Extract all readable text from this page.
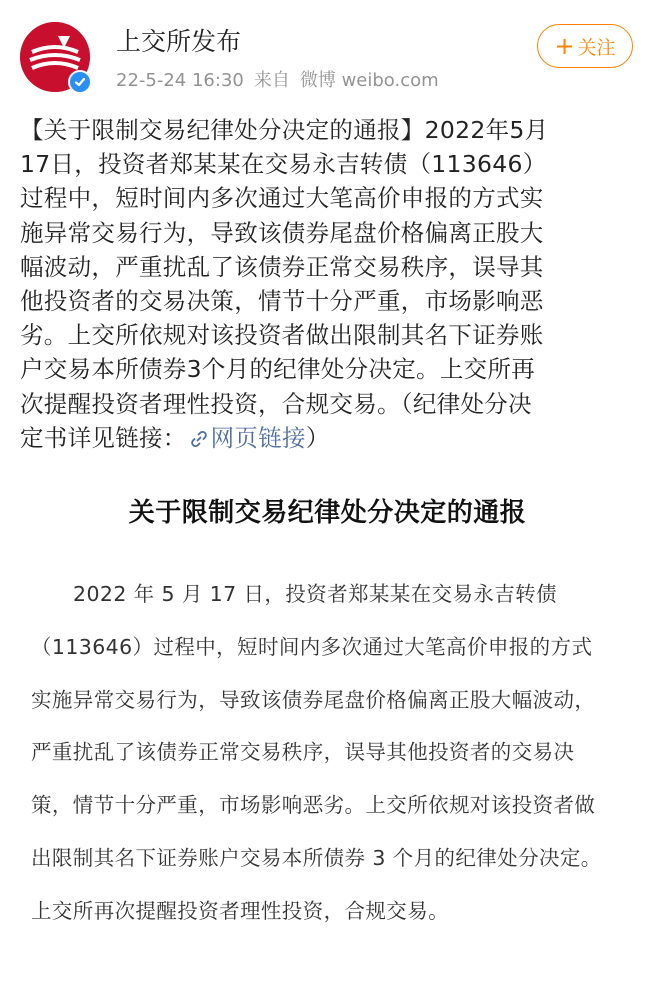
上交所发布
22-5-24 16:30 来自 微博 weibo.com
+ 关注
【关于限制交易纪律处分决定的通报】2022年5月
17日，投资者郑某某在交易永吉转债（113646）
过程中，短时间内多次通过大笔高价申报的方式实
施异常交易行为，导致该债券尾盘价格偏离正股大
幅波动，严重扰乱了该债券正常交易秩序，误导其
他投资者的交易决策，情节十分严重，市场影响恶
劣。上交所依规对该投资者做出限制其名下证券账
户交易本所债券3个月的纪律处分决定。上交所再
次提醒投资者理性投资，合规交易。（纪律处分决
定书详见链接： 网页链接）
关于限制交易纪律处分决定的通报
2022 年 5 月 17 日，投资者郑某某在交易永吉转债
（113646）过程中，短时间内多次通过大笔高价申报的方式
实施异常交易行为，导致该债券尾盘价格偏离正股大幅波动，
严重扰乱了该债券正常交易秩序，误导其他投资者的交易决
策，情节十分严重，市场影响恶劣。上交所依规对该投资者做
出限制其名下证券账户交易本所债券 3 个月的纪律处分决定。
上交所再次提醒投资者理性投资，合规交易。
